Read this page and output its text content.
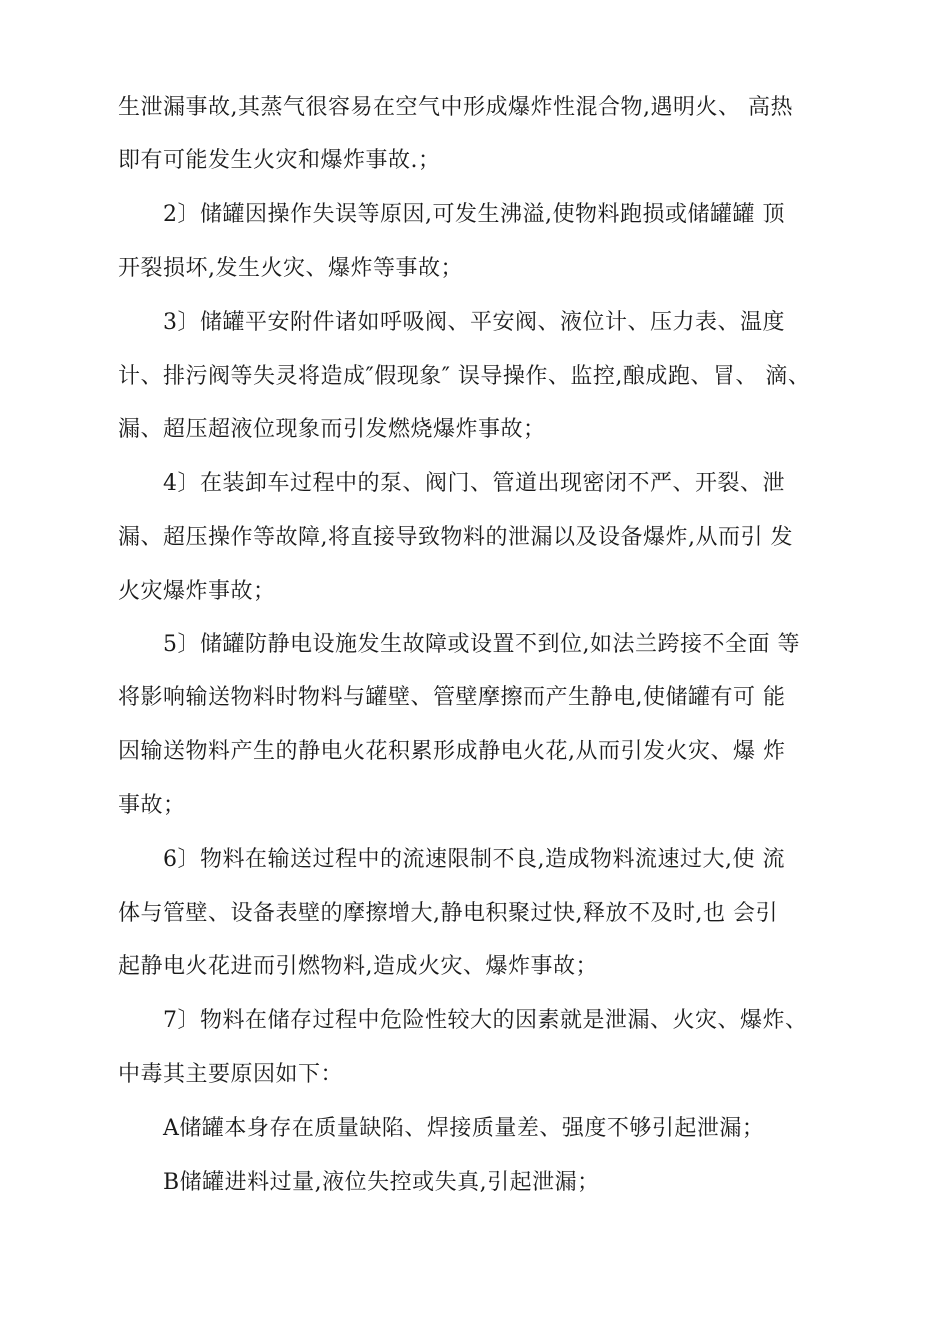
生泄漏事故,其蒸气很容易在空气中形成爆炸性混合物,遇明火、 高热

即有可能发生火灾和爆炸事故.；

2〕储罐因操作失误等原因,可发生沸溢,使物料跑损或储罐罐 顶

开裂损坏,发生火灾、爆炸等事故；

3〕储罐平安附件诸如呼吸阀、平安阀、液位计、压力表、温度

计、排污阀等失灵将造成″假现象″ 误导操作、监控,酿成跑、冒、 滴、

漏、超压超液位现象而引发燃烧爆炸事故；

4〕在装卸车过程中的泵、阀门、管道出现密闭不严、开裂、泄

漏、超压操作等故障,将直接导致物料的泄漏以及设备爆炸,从而引 发

火灾爆炸事故；

5〕储罐防静电设施发生故障或设置不到位,如法兰跨接不全面 等

将影响输送物料时物料与罐壁、管壁摩擦而产生静电,使储罐有可 能

因输送物料产生的静电火花积累形成静电火花,从而引发火灾、爆 炸

事故；

6〕物料在输送过程中的流速限制不良,造成物料流速过大,使 流

体与管壁、设备表壁的摩擦增大,静电积聚过快,释放不及时,也 会引

起静电火花进而引燃物料,造成火灾、爆炸事故；

7〕物料在储存过程中危险性较大的因素就是泄漏、火灾、爆炸、

中毒其主要原因如下：

A储罐本身存在质量缺陷、焊接质量差、强度不够引起泄漏；

B储罐进料过量,液位失控或失真,引起泄漏；
